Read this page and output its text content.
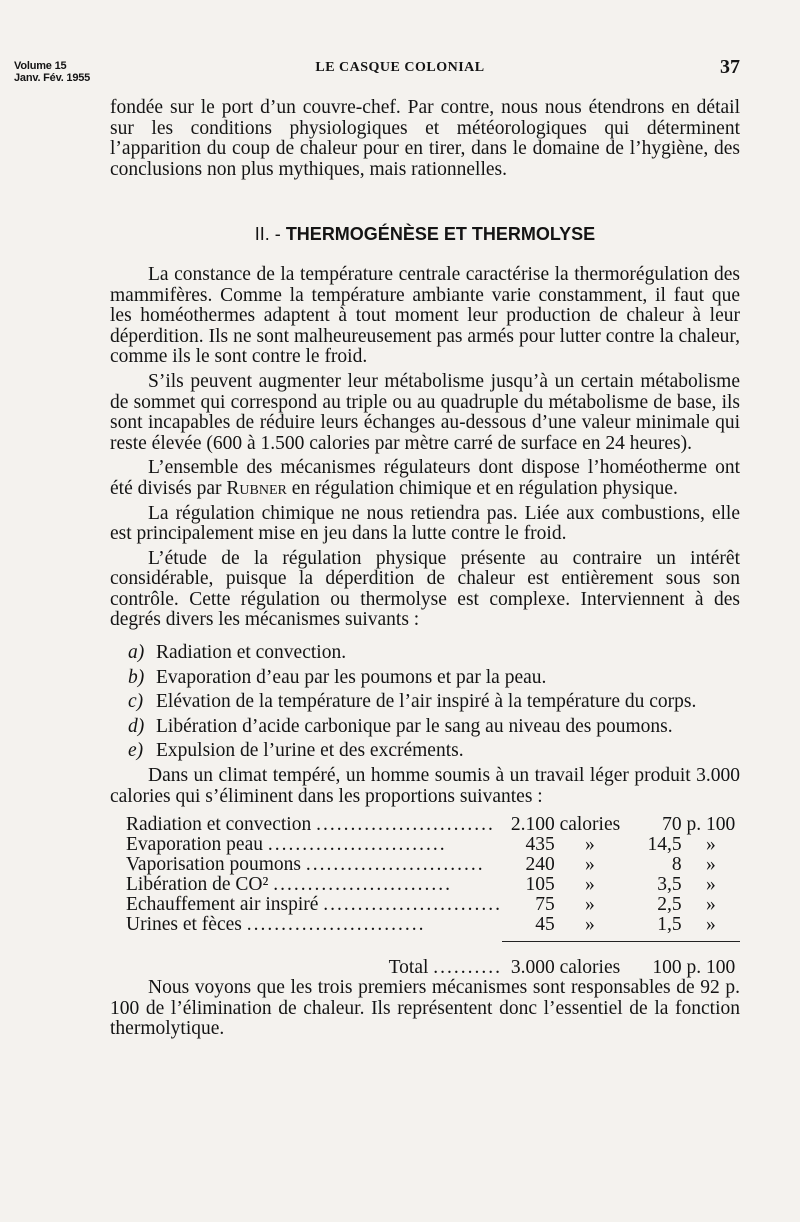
Volume 15
Janv. Fév. 1955
LE CASQUE COLONIAL	37

fondée sur le port d’un couvre-chef. Par contre, nous nous étendrons en détail sur les conditions physiologiques et météorologiques qui déterminent l’apparition du coup de chaleur pour en tirer, dans le domaine de l’hygiène, des conclusions non plus mythiques, mais rationnelles.

II. - THERMOGÉNÈSE ET THERMOLYSE

La constance de la température centrale caractérise la thermorégulation des mammifères. Comme la température ambiante varie constamment, il faut que les homéothermes adaptent à tout moment leur production de chaleur à leur déperdition. Ils ne sont malheureusement pas armés pour lutter contre la chaleur, comme ils le sont contre le froid.

S’ils peuvent augmenter leur métabolisme jusqu’à un certain métabolisme de sommet qui correspond au triple ou au quadruple du métabolisme de base, ils sont incapables de réduire leurs échanges au-dessous d’une valeur minimale qui reste élevée (600 à 1.500 calories par mètre carré de surface en 24 heures).

L’ensemble des mécanismes régulateurs dont dispose l’homéotherme ont été divisés par Rubner en régulation chimique et en régulation physique.

La régulation chimique ne nous retiendra pas. Liée aux combustions, elle est principalement mise en jeu dans la lutte contre le froid.

L’étude de la régulation physique présente au contraire un intérêt considérable, puisque la déperdition de chaleur est entièrement sous son contrôle. Cette régulation ou thermolyse est complexe. Interviennent à des degrés divers les mécanismes suivants :

a) Radiation et convection.
b) Evaporation d’eau par les poumons et par la peau.
c) Elévation de la température de l’air inspiré à la température du corps.
d) Libération d’acide carbonique par le sang au niveau des poumons.
e) Expulsion de l’urine et des excréments.

Dans un climat tempéré, un homme soumis à un travail léger produit 3.000 calories qui s’éliminent dans les proportions suivantes :

Radiation et convection ..........................	2.100	calories	70	p. 100
Evaporation peau ..........................	435	»	14,5	»
Vaporisation poumons ..........................	240	»	8	»
Libération de CO² ..........................	105	»	3,5	»
Echauffement air inspiré ..........................	75	»	2,5	»
Urines et fèces ..........................	45	»	1,5	»

Total ..........	3.000	calories	100	p. 100

Nous voyons que les trois premiers mécanismes sont responsables de 92 p. 100 de l’élimination de chaleur. Ils représentent donc l’essentiel de la fonction thermolytique.
